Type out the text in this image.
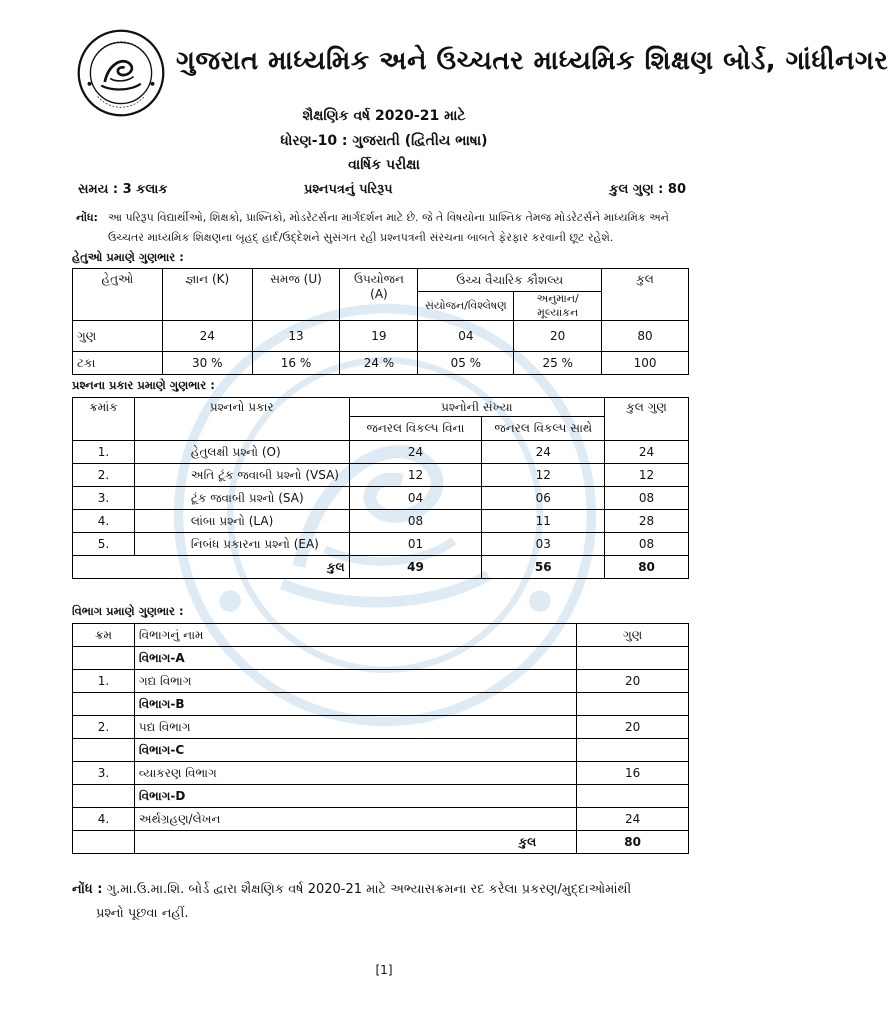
ગુજરાત માધ્યમિક અને ઉચ્ચતર માધ્યમિક શિક્ષણ બોર્ડ, ગાંધીનગર
શૈક્ષણિક વર્ષ 2020-21 માટે
ધોરણ-10 : ગુજરાતી (દ્વિતીય ભાષા)
વાર્ષિક પરીક્ષા
સમય : 3 કલાક	પ્રશ્નપત્રનું પરિરૂપ	કુલ ગુણ : 80
નોંધ: આ પરિરૂપ વિદ્યાર્થીઓ, શિક્ષકો, પ્રાશ્નિકો, મોડરેટર્સના માર્ગદર્શન માટે છે. જે તે વિષયોના પ્રાશ્નિક તેમજ મોડરેટર્સને માધ્યમિક અને ઉચ્ચતર માધ્યમિક શિક્ષણના બૃહદ્ હાર્દ/ઉદ્દેશને સુસંગત રહી પ્રશ્નપત્રની સંરચના બાબતે ફેરફાર કરવાની છૂટ રહેશે.
હેતુઓ પ્રમાણે ગુણભાર :
હેતુઓ	જ્ઞાન (K)	સમજ (U)	ઉપયોજન (A)	ઉચ્ચ વૈચારિક કૌશલ્ય		કુલ
				સંયોજન/વિશ્લેષણ	અનુમાન/મૂલ્યાંકન	
ગુણ	24	13	19	04	20	80
ટકા	30 %	16 %	24 %	05 %	25 %	100
પ્રશ્નના પ્રકાર પ્રમાણે ગુણભાર :
ક્રમાંક	પ્રશ્નનો પ્રકાર	પ્રશ્નોની સંખ્યા		કુલ ગુણ
		જનરલ વિકલ્પ વિના	જનરલ વિકલ્પ સાથે	
1.	હેતુલક્ષી પ્રશ્નો (O)	24	24	24
2.	અતિ ટૂંક જવાબી પ્રશ્નો (VSA)	12	12	12
3.	ટૂંક જવાબી પ્રશ્નો (SA)	04	06	08
4.	લાંબા પ્રશ્નો (LA)	08	11	28
5.	નિબંધ પ્રકારના પ્રશ્નો (EA)	01	03	08
કુલ		49	56	80
વિભાગ પ્રમાણે ગુણભાર :
ક્રમ	વિભાગનું નામ	ગુણ
	વિભાગ-A	
1.	ગદ્ય વિભાગ	20
	વિભાગ-B	
2.	પદ્ય વિભાગ	20
	વિભાગ-C	
3.	વ્યાકરણ વિભાગ	16
	વિભાગ-D	
4.	અર્થગ્રહણ/લેખન	24
	કુલ	80
નોંધ : ગુ.મા.ઉ.મા.શિ. બોર્ડ દ્વારા શૈક્ષણિક વર્ષ 2020-21 માટે અભ્યાસક્રમના રદ કરેલા પ્રકરણ/મુદ્દાઓમાંથી
પ્રશ્નો પૂછવા નહીં.
[1]
